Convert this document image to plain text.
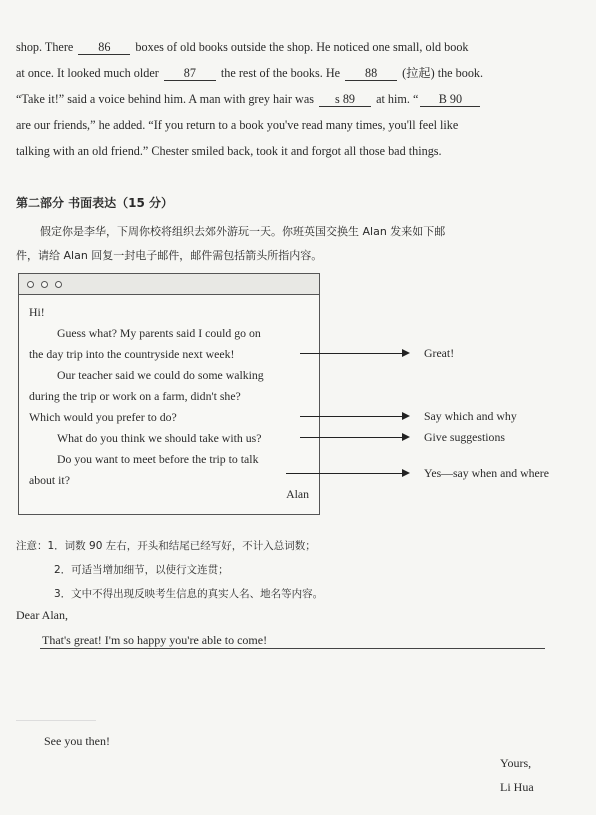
shop. There 86 boxes of old books outside the shop. He noticed one small, old book
at once. It looked much older 87 the rest of the books. He 88 (拉起) the book.
“Take it!” said a voice behind him. A man with grey hair was s 89 at him. “ B 90
are our friends,” he added. “If you return to a book you've read many times, you'll feel like
talking with an old friend.” Chester smiled back, took it and forgot all those bad things.
第二部分 书面表达（15 分）
假定你是李华，下周你校将组织去郊外游玩一天。你班英国交换生 Alan 发来如下邮
件，请给 Alan 回复一封电子邮件，邮件需包括箭头所指内容。
Hi!
Guess what? My parents said I could go on
the day trip into the countryside next week!
Our teacher said we could do some walking
during the trip or work on a farm, didn't she?
Which would you prefer to do?
What do you think we should take with us?
Do you want to meet before the trip to talk
about it?
Alan
Great!
Say which and why
Give suggestions
Yes—say when and where
注意：1．词数 90 左右，开头和结尾已经写好，不计入总词数；
2．可适当增加细节，以使行文连贯；
3．文中不得出现反映考生信息的真实人名、地名等内容。
Dear Alan,
That's great! I'm so happy you're able to come!
See you then!
Yours,
Li Hua
